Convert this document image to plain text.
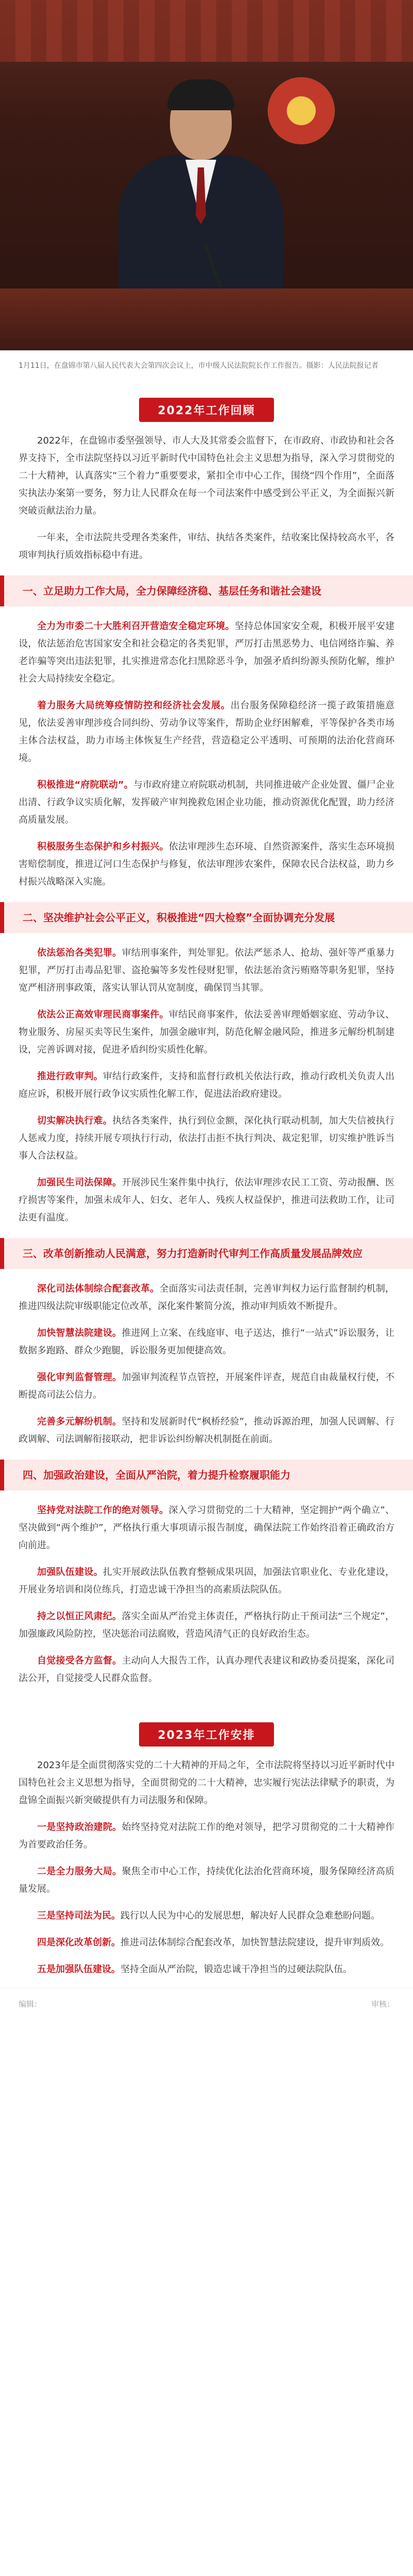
1月11日，在盘锦市第八届人民代表大会第四次会议上，市中级人民法院院长作工作报告。摄影：人民法院报记者
2022年工作回顾

2022年，在盘锦市委坚强领导、市人大及其常委会监督下，在市政府、市政协和社会各界支持下，全市法院坚持以习近平新时代中国特色社会主义思想为指导，深入学习贯彻党的二十大精神，认真落实“三个着力”重要要求，紧扣全市中心工作，围绕“四个作用”，全面落实执法办案第一要务，努力让人民群众在每一个司法案件中感受到公平正义，为全面振兴新突破贡献法治力量。

一年来，全市法院共受理各类案件，审结、执结各类案件，结收案比保持较高水平，各项审判执行质效指标稳中有进。

一、立足助力工作大局，全力保障经济稳、基层任务和谐社会建设

全力为市委二十大胜利召开营造安全稳定环境。坚持总体国家安全观，积极开展平安建设，依法惩治危害国家安全和社会稳定的各类犯罪，严厉打击黑恶势力、电信网络诈骗、养老诈骗等突出违法犯罪，扎实推进常态化扫黑除恶斗争，加强矛盾纠纷源头预防化解，维护社会大局持续安全稳定。

着力服务大局统筹疫情防控和经济社会发展。出台服务保障稳经济一揽子政策措施意见，依法妥善审理涉疫合同纠纷、劳动争议等案件，帮助企业纾困解难，平等保护各类市场主体合法权益，助力市场主体恢复生产经营，营造稳定公平透明、可预期的法治化营商环境。

积极推进“府院联动”。与市政府建立府院联动机制，共同推进破产企业处置、僵尸企业出清、行政争议实质化解，发挥破产审判挽救危困企业功能，推动资源优化配置，助力经济高质量发展。

积极服务生态保护和乡村振兴。依法审理涉生态环境、自然资源案件，落实生态环境损害赔偿制度，推进辽河口生态保护与修复，依法审理涉农案件，保障农民合法权益，助力乡村振兴战略深入实施。

二、坚决维护社会公平正义，积极推进“四大检察”全面协调充分发展

依法惩治各类犯罪。审结刑事案件，判处罪犯。依法严惩杀人、抢劫、强奸等严重暴力犯罪，严厉打击毒品犯罪、盗抢骗等多发性侵财犯罪，依法惩治贪污贿赂等职务犯罪，坚持宽严相济刑事政策，落实认罪认罚从宽制度，确保罚当其罪。

依法公正高效审理民商事案件。审结民商事案件，依法妥善审理婚姻家庭、劳动争议、物业服务、房屋买卖等民生案件，加强金融审判，防范化解金融风险，推进多元解纷机制建设，完善诉调对接，促进矛盾纠纷实质性化解。

推进行政审判。审结行政案件，支持和监督行政机关依法行政，推动行政机关负责人出庭应诉，积极开展行政争议实质性化解工作，促进法治政府建设。

切实解决执行难。执结各类案件，执行到位金额，深化执行联动机制，加大失信被执行人惩戒力度，持续开展专项执行行动，依法打击拒不执行判决、裁定犯罪，切实维护胜诉当事人合法权益。

加强民生司法保障。开展涉民生案件集中执行，依法审理涉农民工工资、劳动报酬、医疗损害等案件，加强未成年人、妇女、老年人、残疾人权益保护，推进司法救助工作，让司法更有温度。

三、改革创新推动人民满意，努力打造新时代审判工作高质量发展品牌效应

深化司法体制综合配套改革。全面落实司法责任制，完善审判权力运行监督制约机制，推进四级法院审级职能定位改革，深化案件繁简分流，推动审判质效不断提升。

加快智慧法院建设。推进网上立案、在线庭审、电子送达，推行“一站式”诉讼服务，让数据多跑路、群众少跑腿，诉讼服务更加便捷高效。

强化审判监督管理。加强审判流程节点管控，开展案件评查，规范自由裁量权行使，不断提高司法公信力。

完善多元解纷机制。坚持和发展新时代“枫桥经验”，推动诉源治理，加强人民调解、行政调解、司法调解衔接联动，把非诉讼纠纷解决机制挺在前面。

四、加强政治建设，全面从严治院，着力提升检察履职能力

坚持党对法院工作的绝对领导。深入学习贯彻党的二十大精神，坚定拥护“两个确立”、坚决做到“两个维护”，严格执行重大事项请示报告制度，确保法院工作始终沿着正确政治方向前进。

加强队伍建设。扎实开展政法队伍教育整顿成果巩固，加强法官职业化、专业化建设，开展业务培训和岗位练兵，打造忠诚干净担当的高素质法院队伍。

持之以恒正风肃纪。落实全面从严治党主体责任，严格执行防止干预司法“三个规定”，加强廉政风险防控，坚决惩治司法腐败，营造风清气正的良好政治生态。

自觉接受各方监督。主动向人大报告工作，认真办理代表建议和政协委员提案，深化司法公开，自觉接受人民群众监督。

2023年工作安排

2023年是全面贯彻落实党的二十大精神的开局之年，全市法院将坚持以习近平新时代中国特色社会主义思想为指导，全面贯彻党的二十大精神，忠实履行宪法法律赋予的职责，为盘锦全面振兴新突破提供有力司法服务和保障。

一是坚持政治建院。始终坚持党对法院工作的绝对领导，把学习贯彻党的二十大精神作为首要政治任务。

二是全力服务大局。聚焦全市中心工作，持续优化法治化营商环境，服务保障经济高质量发展。

三是坚持司法为民。践行以人民为中心的发展思想，解决好人民群众急难愁盼问题。

四是深化改革创新。推进司法体制综合配套改革，加快智慧法院建设，提升审判质效。

五是加强队伍建设。坚持全面从严治院，锻造忠诚干净担当的过硬法院队伍。

编辑：	审核：
